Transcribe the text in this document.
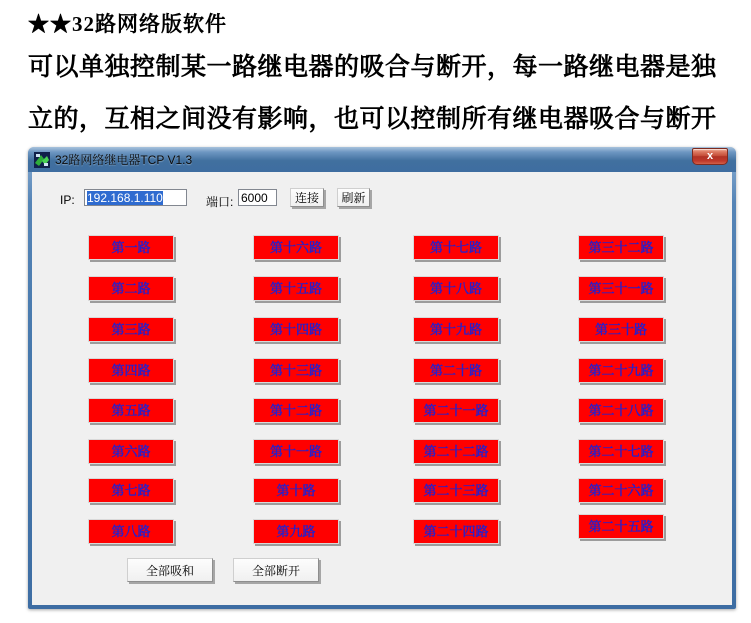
★★32路网络版软件
可以单独控制某一路继电器的吸合与断开，每一路继电器是独
立的，互相之间没有影响，也可以控制所有继电器吸合与断开
32路网络继电器TCP V1.3	x
IP: 192.168.1.110	端口: 6000	连接	刷新
第一路
第二路
第三路
第四路
第五路
第六路
第七路
第八路
第十六路
第十五路
第十四路
第十三路
第十二路
第十一路
第十路
第九路
第十七路
第十八路
第十九路
第二十路
第二十一路
第二十二路
第二十三路
第二十四路
第三十二路
第三十一路
第三十路
第二十九路
第二十八路
第二十七路
第二十六路
第二十五路
全部吸和	全部断开
